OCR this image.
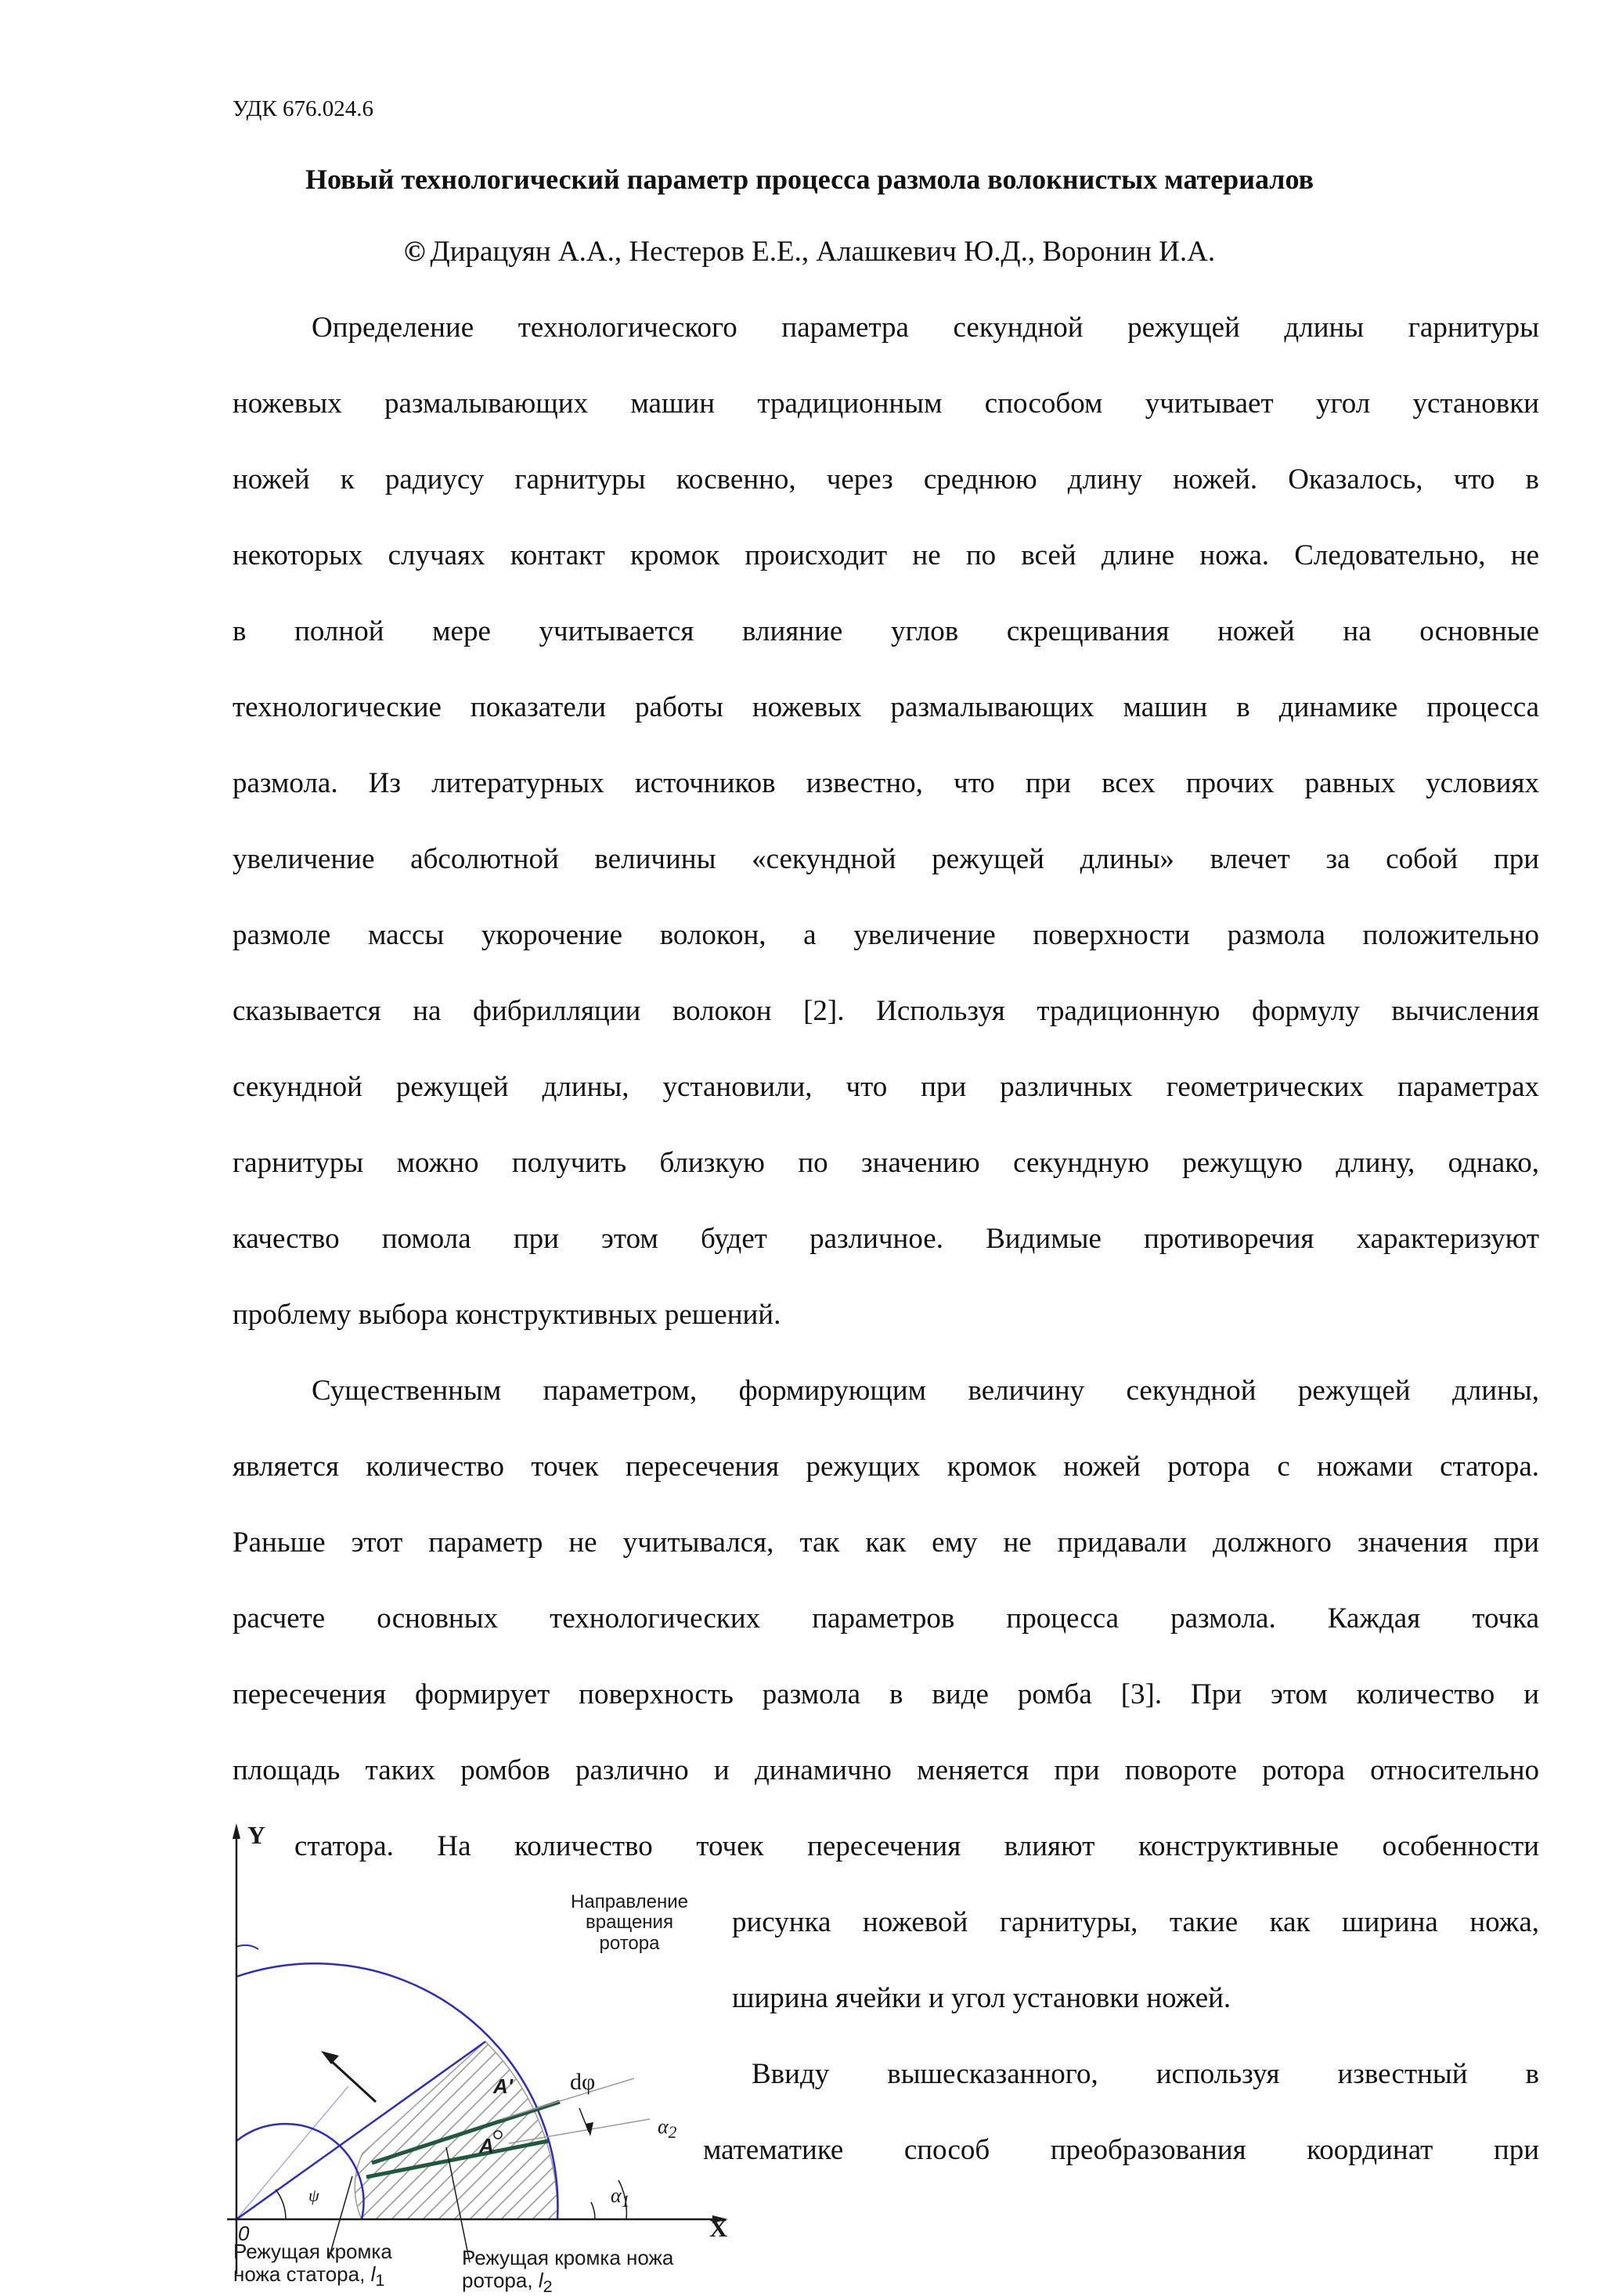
УДК 676.024.6
Новый технологический параметр процесса размола волокнистых материалов
© Дирацуян А.А., Нестеров Е.Е., Алашкевич Ю.Д., Воронин И.А.
Определение технологического параметра секундной режущей длины гарнитуры
ножевых размалывающих машин традиционным способом учитывает угол установки
ножей к радиусу гарнитуры косвенно, через среднюю длину ножей. Оказалось, что в
некоторых случаях контакт кромок происходит не по всей длине ножа. Следовательно, не
в полной мере учитывается влияние углов скрещивания ножей на основные
технологические показатели работы ножевых размалывающих машин в динамике процесса
размола. Из литературных источников известно, что при всех прочих равных условиях
увеличение абсолютной величины «секундной режущей длины» влечет за собой при
размоле массы укорочение волокон, а увеличение поверхности размола положительно
сказывается на фибрилляции волокон [2]. Используя традиционную формулу вычисления
секундной режущей длины, установили, что при различных геометрических параметрах
гарнитуры можно получить близкую по значению секундную режущую длину, однако,
качество помола при этом будет различное. Видимые противоречия характеризуют
проблему выбора конструктивных решений.
Существенным параметром, формирующим величину секундной режущей длины,
является количество точек пересечения режущих кромок ножей ротора с ножами статора.
Раньше этот параметр не учитывался, так как ему не придавали должного значения при
расчете основных технологических параметров процесса размола. Каждая точка
пересечения формирует поверхность размола в виде ромба [3]. При этом количество и
площадь таких ромбов различно и динамично меняется при повороте ротора относительно
статора. На количество точек пересечения влияют конструктивные особенности
рисунка ножевой гарнитуры, такие как ширина ножа,
ширина ячейки и угол установки ножей.
Ввиду вышесказанного, используя известный в
математике способ преобразования координат при
Y
X
0
Направление
вращения
ротора
dφ
ψ
A'
A
$\alpha_2$
$\alpha_1$
Режущая кромка
ножа статора, $l_1$
Режущая кромка ножа
ротора, $l_2$
